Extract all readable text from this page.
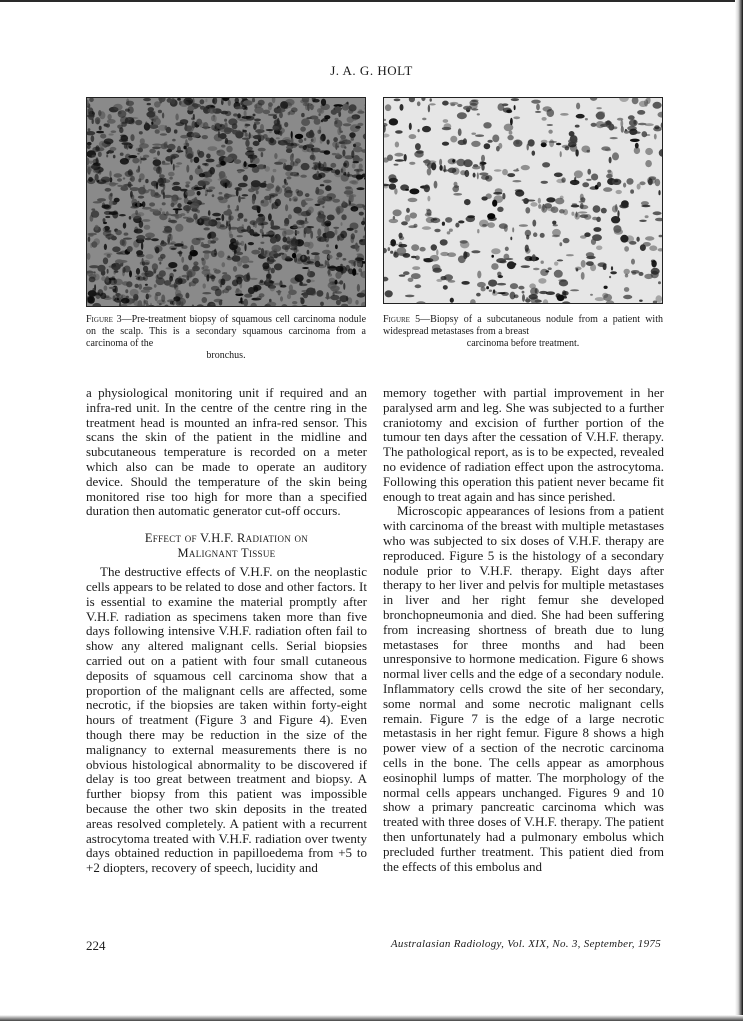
J. A. G. HOLT
Figure 3—Pre-treatment biopsy of squamous cell carcinoma nodule on the scalp. This is a secondary squamous carcinoma from a carcinoma of the
bronchus.
Figure 5—Biopsy of a subcutaneous nodule from a patient with widespread metastases from a breast
carcinoma before treatment.

a physiological monitoring unit if required and an infra-red unit. In the centre of the centre ring in the treatment head is mounted an infra-red sensor. This scans the skin of the patient in the midline and subcutaneous temperature is recorded on a meter which also can be made to operate an auditory device. Should the temperature of the skin being monitored rise too high for more than a specified duration then automatic generator cut-off occurs.

Effect of V.H.F. Radiation on
Malignant Tissue

The destructive effects of V.H.F. on the neoplastic cells appears to be related to dose and other factors. It is essential to examine the material promptly after V.H.F. radiation as specimens taken more than five days following intensive V.H.F. radiation often fail to show any altered malignant cells. Serial biopsies carried out on a patient with four small cutaneous deposits of squamous cell carcinoma show that a proportion of the malignant cells are affected, some necrotic, if the biopsies are taken within forty-eight hours of treatment (Figure 3 and Figure 4). Even though there may be reduction in the size of the malignancy to external measurements there is no obvious histological abnormality to be discovered if delay is too great between treatment and biopsy. A further biopsy from this patient was impossible because the other two skin deposits in the treated areas resolved completely. A patient with a recurrent astrocytoma treated with V.H.F. radiation over twenty days obtained reduction in papilloedema from +5 to +2 diopters, recovery of speech, lucidity and

memory together with partial improvement in her paralysed arm and leg. She was subjected to a further craniotomy and excision of further portion of the tumour ten days after the cessation of V.H.F. therapy. The pathological report, as is to be expected, revealed no evidence of radiation effect upon the astrocytoma. Following this operation this patient never became fit enough to treat again and has since perished.

Microscopic appearances of lesions from a patient with carcinoma of the breast with multiple metastases who was subjected to six doses of V.H.F. therapy are reproduced. Figure 5 is the histology of a secondary nodule prior to V.H.F. therapy. Eight days after therapy to her liver and pelvis for multiple metastases in liver and her right femur she developed bronchopneumonia and died. She had been suffering from increasing shortness of breath due to lung metastases for three months and had been unresponsive to hormone medication. Figure 6 shows normal liver cells and the edge of a secondary nodule. Inflammatory cells crowd the site of her secondary, some normal and some necrotic malignant cells remain. Figure 7 is the edge of a large necrotic metastasis in her right femur. Figure 8 shows a high power view of a section of the necrotic carcinoma cells in the bone. The cells appear as amorphous eosinophil lumps of matter. The morphology of the normal cells appears unchanged. Figures 9 and 10 show a primary pancreatic carcinoma which was treated with three doses of V.H.F. therapy. The patient then unfortunately had a pulmonary embolus which precluded further treatment. This patient died from the effects of this embolus and

224	Australasian Radiology, Vol. XIX, No. 3, September, 1975
